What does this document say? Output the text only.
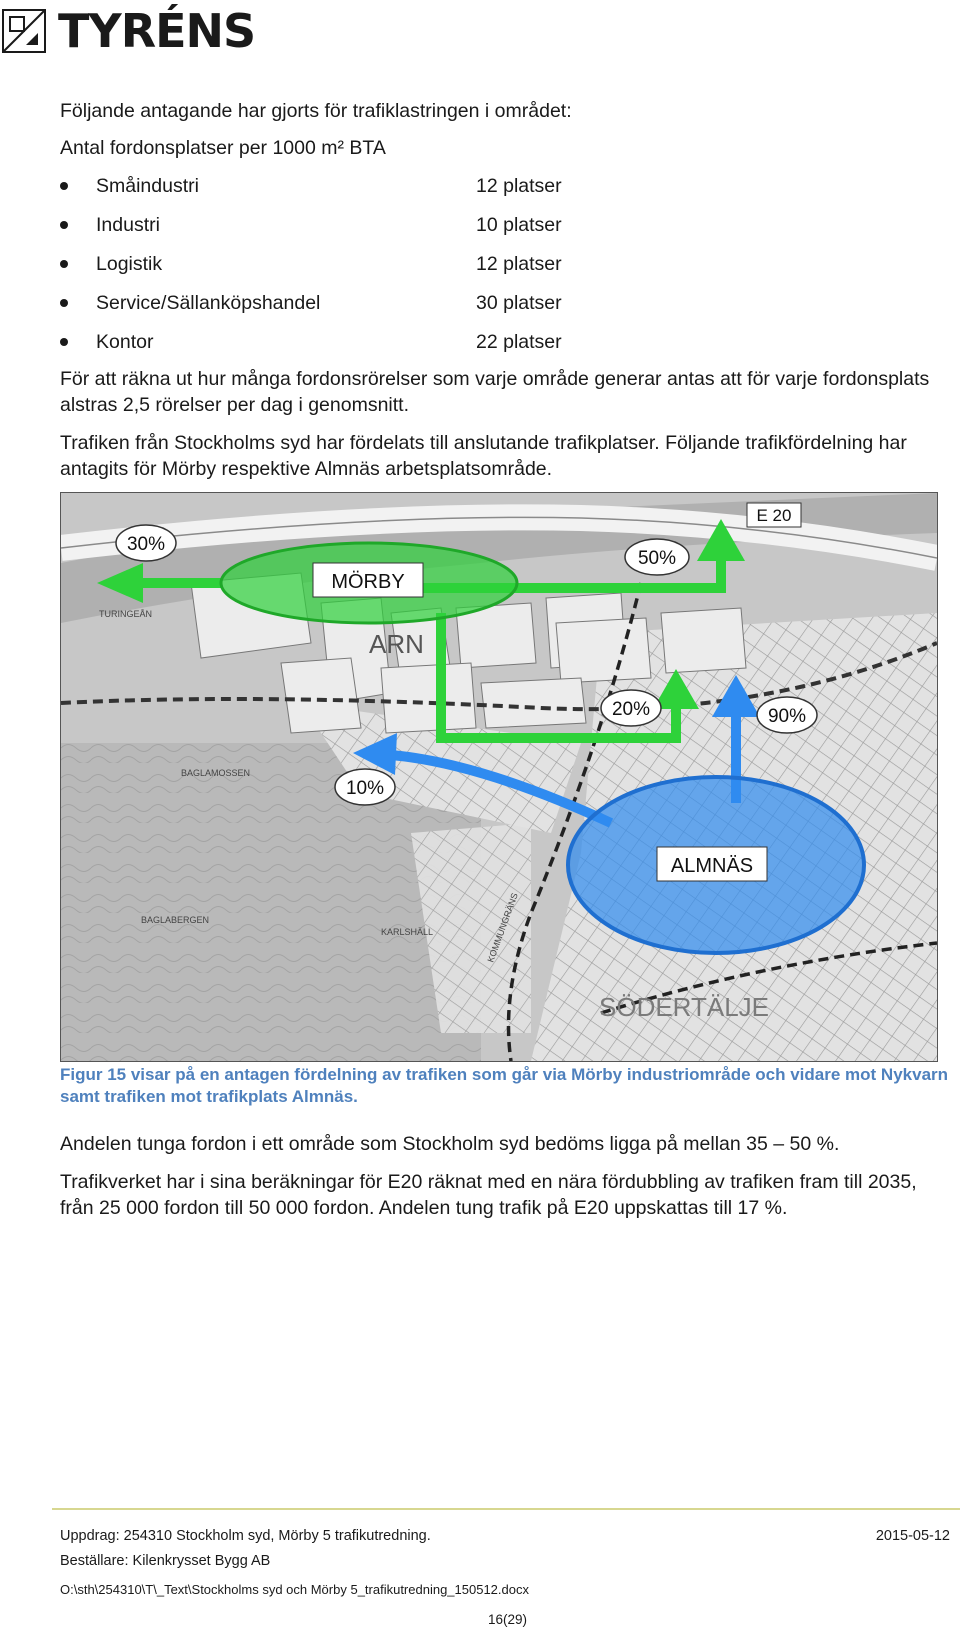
TYRÉNS

Följande antagande har gjorts för trafiklastringen i området:

Antal fordonsplatser per 1000 m² BTA

Småindustri	12 platser
Industri	10 platser
Logistik	12 platser
Service/Sällanköpshandel	30 platser
Kontor	22 platser

För att räkna ut hur många fordonsrörelser som varje område generar antas att för varje fordonsplats alstras 2,5 rörelser per dag i genomsnitt.

Trafiken från Stockholms syd har fördelats till anslutande trafikplatser. Följande trafikfördelning har antagits för Mörby respektive Almnäs arbetsplatsområde.

ARN
TURINGEÅN
BAGLAMOSSEN
BAGLABERGEN
KARLSHÄLL	KOMMUNGRÄNS
SÖDERTÄLJE
E 20
MÖRBY
ALMNÄS
30%
50%
20%	90%
10%
Figur 15 visar på en antagen fördelning av trafiken som går via Mörby industriområde och vidare mot Nykvarn samt trafiken mot trafikplats Almnäs.

Andelen tunga fordon i ett område som Stockholm syd bedöms ligga på mellan 35 – 50 %.

Trafikverket har i sina beräkningar för E20 räknat med en nära fördubbling av trafiken fram till 2035, från 25 000 fordon till 50 000 fordon. Andelen tung trafik på E20 uppskattas till 17 %.

Uppdrag: 254310 Stockholm syd, Mörby 5 trafikutredning.	2015-05-12
Beställare: Kilenkrysset Bygg AB
O:\sth\254310\T\_Text\Stockholms syd och Mörby 5_trafikutredning_150512.docx
16(29)
